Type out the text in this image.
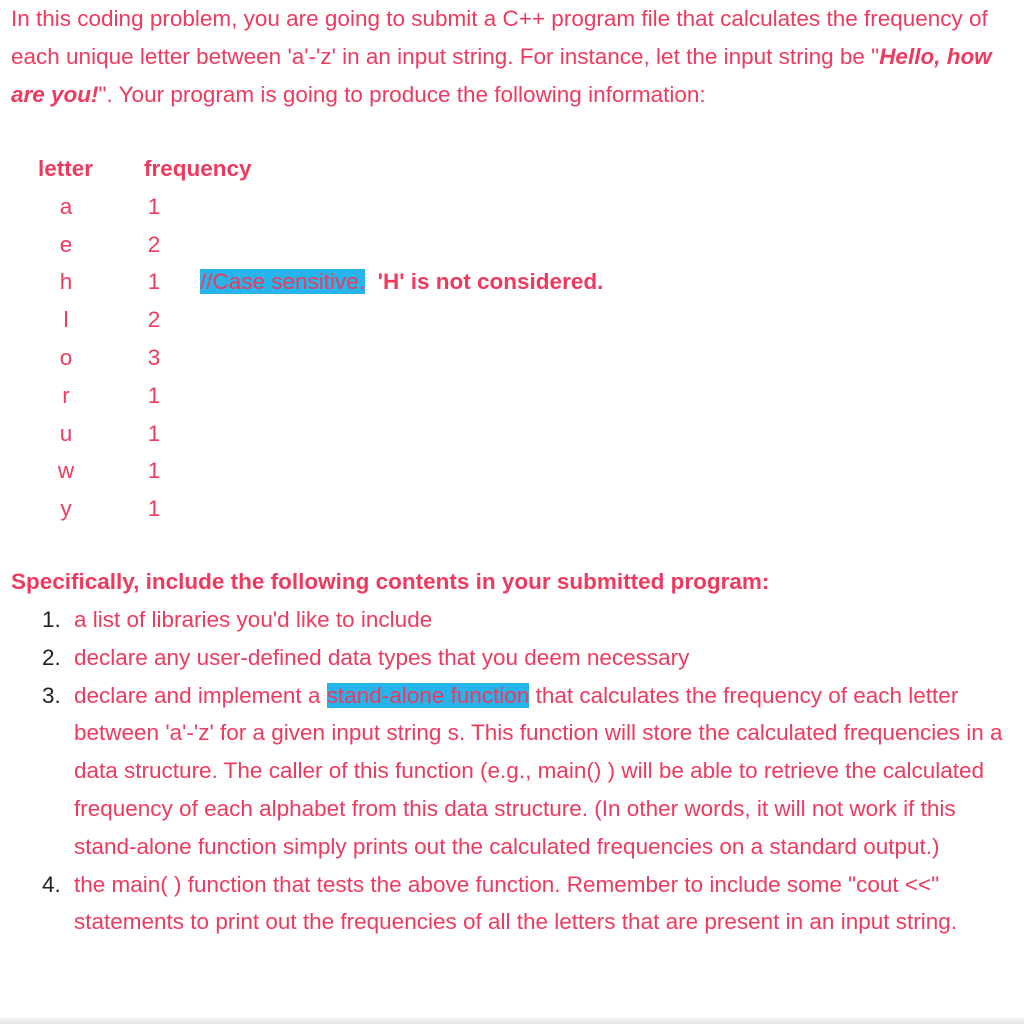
In this coding problem, you are going to submit a C++ program file that calculates the frequency of each unique letter between 'a'-'z' in an input string. For instance, let the input string be "Hello, how are you!". Your program is going to produce the following information:

letter frequency
a	1
e	2
h	1	//Case sensitive. 'H' is not considered.
l	2
o	3
r	1
u	1
w	1
y	1

Specifically, include the following contents in your submitted program:

1. a list of libraries you'd like to include
2. declare any user-defined data types that you deem necessary
3. declare and implement a stand-alone function that calculates the frequency of each letter between 'a'-'z' for a given input string s. This function will store the calculated frequencies in a data structure. The caller of this function (e.g., main() ) will be able to retrieve the calculated frequency of each alphabet from this data structure. (In other words, it will not work if this stand-alone function simply prints out the calculated frequencies on a standard output.)
4. the main( ) function that tests the above function. Remember to include some "cout <<" statements to print out the frequencies of all the letters that are present in an input string.
